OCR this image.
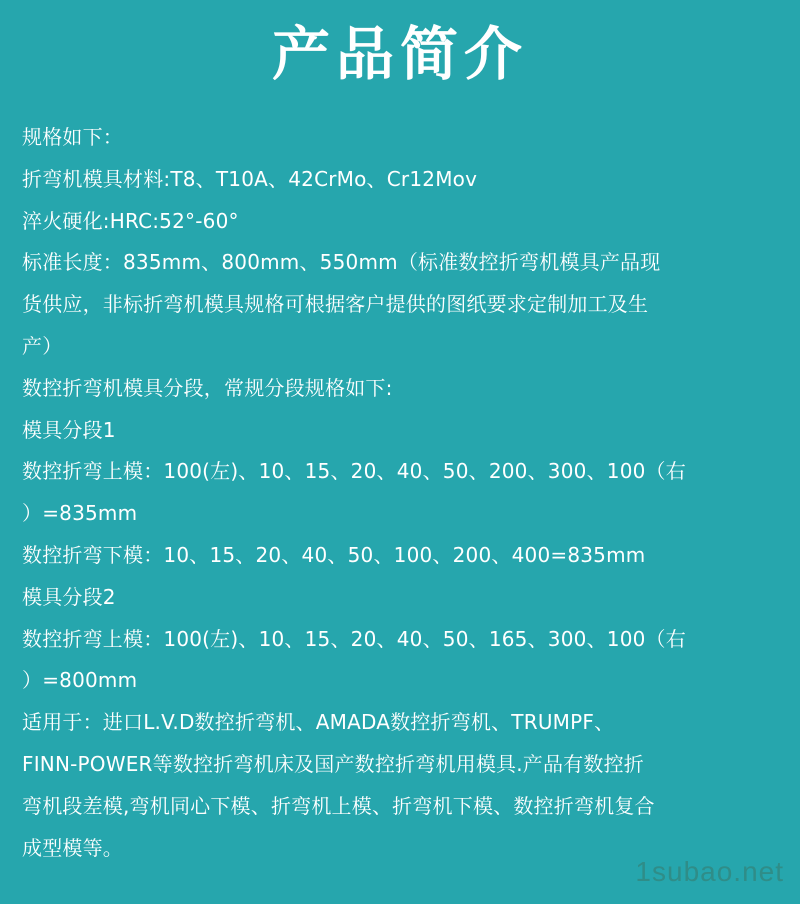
产品简介
规格如下：
折弯机模具材料:T8、T10A、42CrMo、Cr12Mov
淬火硬化:HRC:52°-60°
标准长度：835mm、800mm、550mm（标准数控折弯机模具产品现
货供应，非标折弯机模具规格可根据客户提供的图纸要求定制加工及生
产）
数控折弯机模具分段，常规分段规格如下:
模具分段1
数控折弯上模：100(左)、10、15、20、40、50、200、300、100（右
）=835mm
数控折弯下模：10、15、20、40、50、100、200、400=835mm
模具分段2
数控折弯上模：100(左)、10、15、20、40、50、165、300、100（右
）=800mm
适用于：进口L.V.D数控折弯机、AMADA数控折弯机、TRUMPF、
FINN-POWER等数控折弯机床及国产数控折弯机用模具.产品有数控折
弯机段差模,弯机同心下模、折弯机上模、折弯机下模、数控折弯机复合
成型模等。
1subao.net
